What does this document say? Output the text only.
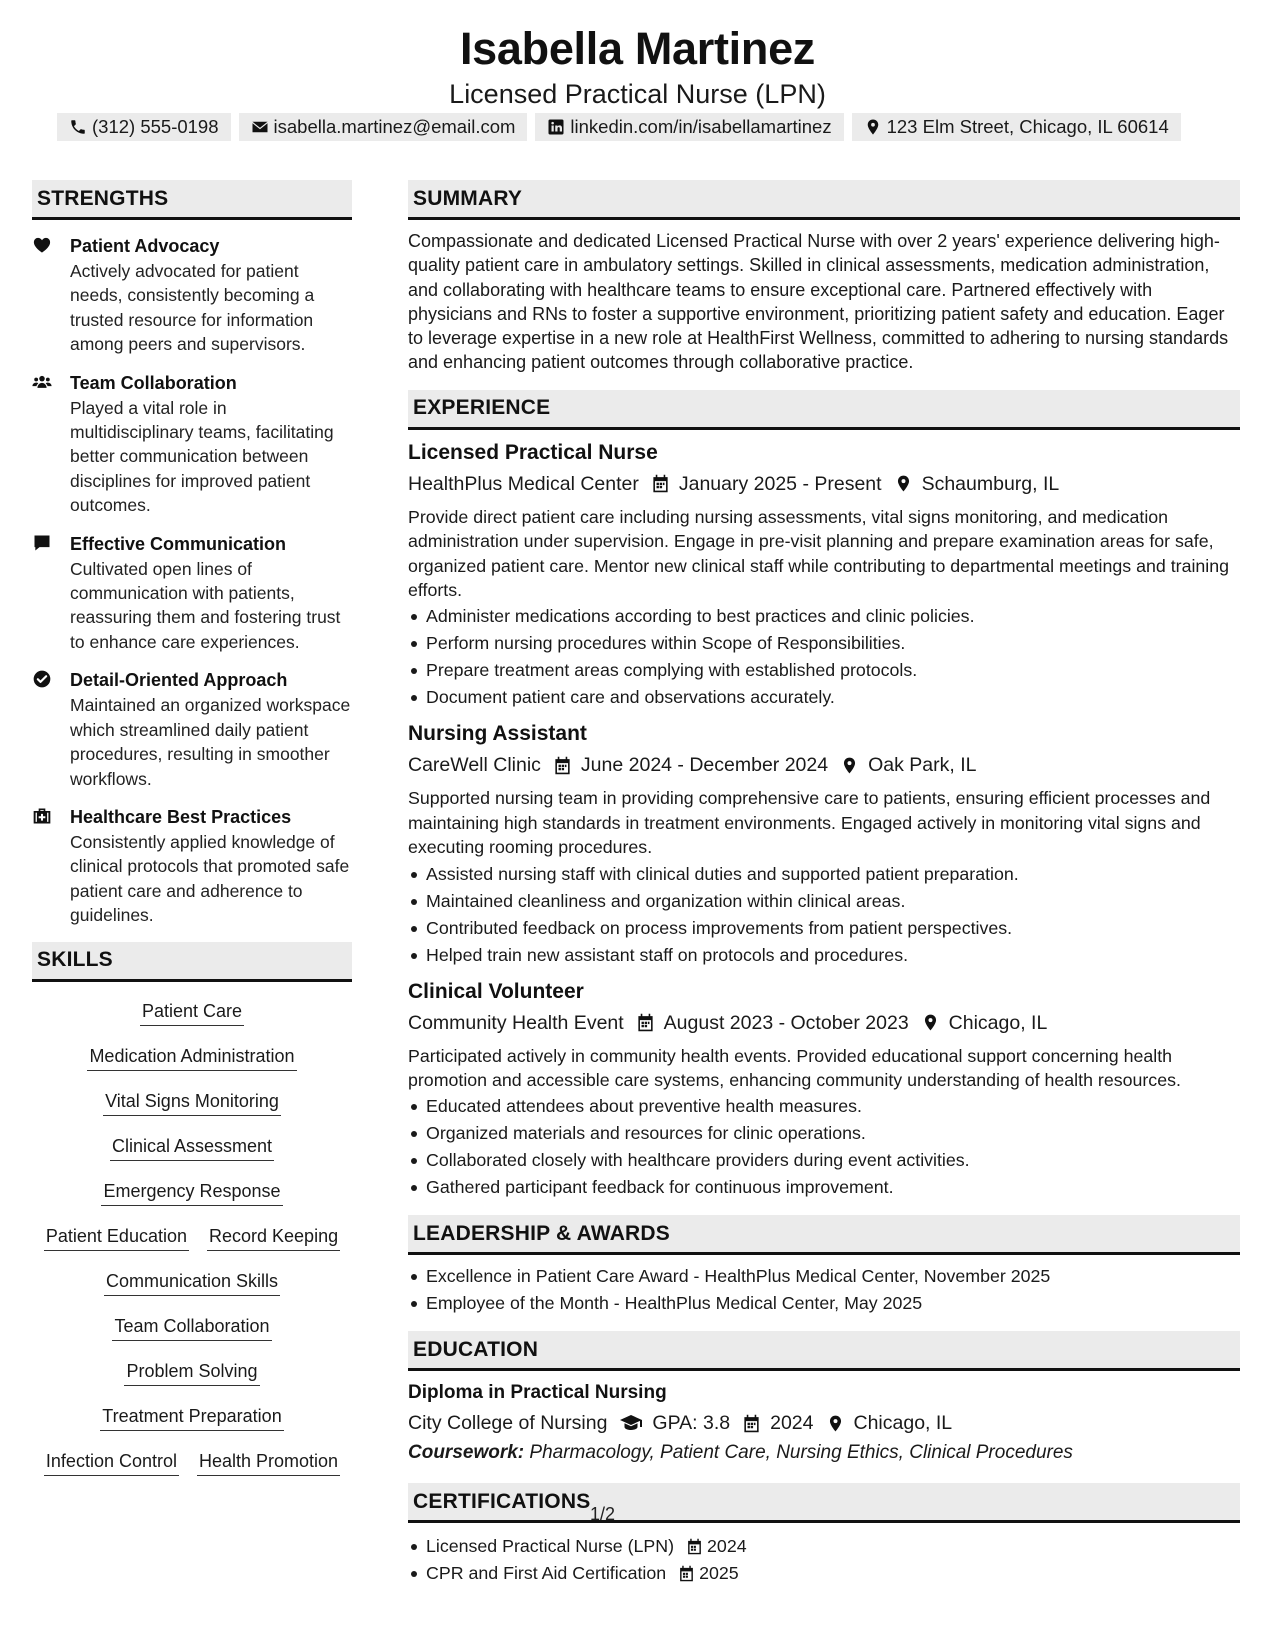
Isabella Martinez
Licensed Practical Nurse (LPN)
(312) 555-0198	isabella.martinez@email.com	linkedin.com/in/isabellamartinez	123 Elm Street, Chicago, IL 60614
STRENGTHS
Patient Advocacy
Actively advocated for patient needs, consistently becoming a trusted resource for information among peers and supervisors.
Team Collaboration
Played a vital role in multidisciplinary teams, facilitating better communication between disciplines for improved patient outcomes.
Effective Communication
Cultivated open lines of communication with patients, reassuring them and fostering trust to enhance care experiences.
Detail-Oriented Approach
Maintained an organized workspace which streamlined daily patient procedures, resulting in smoother workflows.
Healthcare Best Practices
Consistently applied knowledge of clinical protocols that promoted safe patient care and adherence to guidelines.
SKILLS
Patient Care
Medication Administration
Vital Signs Monitoring
Clinical Assessment
Emergency Response
Patient Education Record Keeping
Communication Skills
Team Collaboration
Problem Solving
Treatment Preparation
Infection Control Health Promotion
SUMMARY
Compassionate and dedicated Licensed Practical Nurse with over 2 years' experience delivering high-quality patient care in ambulatory settings. Skilled in clinical assessments, medication administration, and collaborating with healthcare teams to ensure exceptional care. Partnered effectively with physicians and RNs to foster a supportive environment, prioritizing patient safety and education. Eager to leverage expertise in a new role at HealthFirst Wellness, committed to adhering to nursing standards and enhancing patient outcomes through collaborative practice.
EXPERIENCE
Licensed Practical Nurse
HealthPlus Medical Center January 2025 - Present Schaumburg, IL
Provide direct patient care including nursing assessments, vital signs monitoring, and medication administration under supervision. Engage in pre-visit planning and prepare examination areas for safe, organized patient care. Mentor new clinical staff while contributing to departmental meetings and training efforts.
Administer medications according to best practices and clinic policies.
Perform nursing procedures within Scope of Responsibilities.
Prepare treatment areas complying with established protocols.
Document patient care and observations accurately.
Nursing Assistant
CareWell Clinic June 2024 - December 2024 Oak Park, IL
Supported nursing team in providing comprehensive care to patients, ensuring efficient processes and maintaining high standards in treatment environments. Engaged actively in monitoring vital signs and executing rooming procedures.
Assisted nursing staff with clinical duties and supported patient preparation.
Maintained cleanliness and organization within clinical areas.
Contributed feedback on process improvements from patient perspectives.
Helped train new assistant staff on protocols and procedures.
Clinical Volunteer
Community Health Event August 2023 - October 2023 Chicago, IL
Participated actively in community health events. Provided educational support concerning health promotion and accessible care systems, enhancing community understanding of health resources.
Educated attendees about preventive health measures.
Organized materials and resources for clinic operations.
Collaborated closely with healthcare providers during event activities.
Gathered participant feedback for continuous improvement.
LEADERSHIP & AWARDS
Excellence in Patient Care Award - HealthPlus Medical Center, November 2025
Employee of the Month - HealthPlus Medical Center, May 2025
EDUCATION
Diploma in Practical Nursing
City College of Nursing GPA: 3.8 2024 Chicago, IL
Coursework: Pharmacology, Patient Care, Nursing Ethics, Clinical Procedures
CERTIFICATIONS
Licensed Practical Nurse (LPN) 2024
CPR and First Aid Certification 2025
1/2
